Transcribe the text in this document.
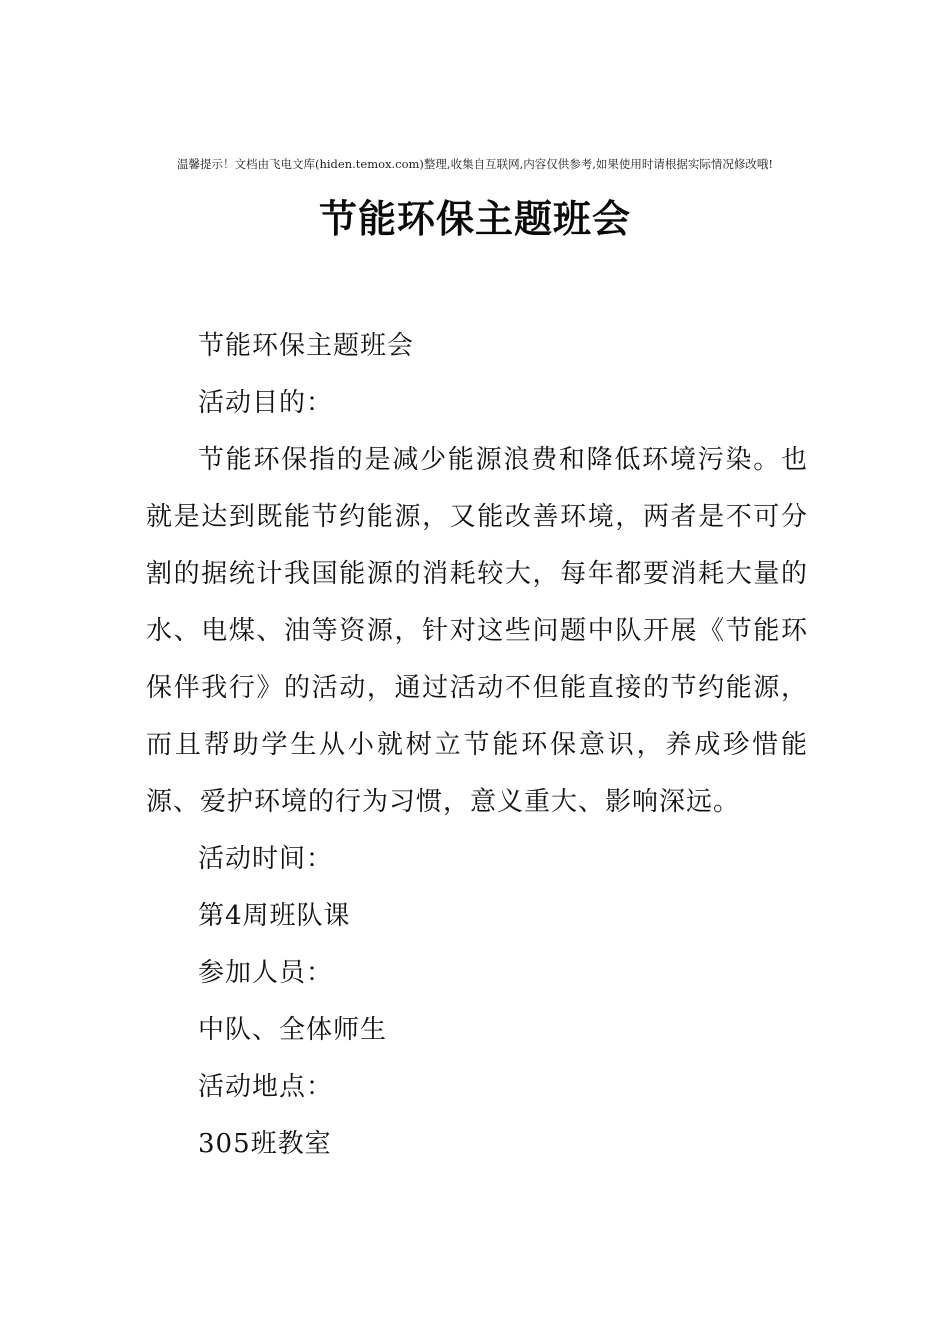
温馨提示！文档由飞电文库(hiden.temox.com)整理,收集自互联网,内容仅供参考,如果使用时请根据实际情况修改哦!
节能环保主题班会

节能环保主题班会

活动目的：

节能环保指的是减少能源浪费和降低环境污染。也就是达到既能节约能源，又能改善环境，两者是不可分割的据统计我国能源的消耗较大，每年都要消耗大量的水、电煤、油等资源，针对这些问题中队开展《节能环保伴我行》的活动，通过活动不但能直接的节约能源，而且帮助学生从小就树立节能环保意识，养成珍惜能源、爱护环境的行为习惯，意义重大、影响深远。

活动时间：

第4周班队课

参加人员：

中队、全体师生

活动地点：

305班教室
